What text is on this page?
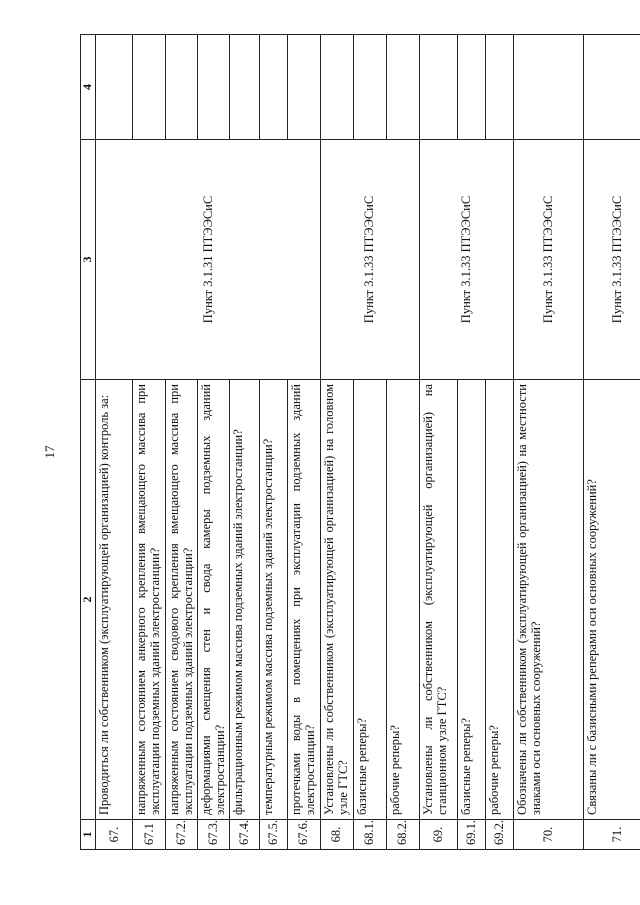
17
1	2	3	4
67.	Проводиться ли собственником (эксплуатирующей организацией) контроль за:	Пункт 3.1.31 ПТЭЭСиС	
67.1	напряженным состоянием анкерного крепления вмещающего массива при эксплуатации подземных зданий электростанции?		
67.2.	напряженным состоянием сводового крепления вмещающего массива при эксплуатации подземных зданий электростанции?		
67.3.	деформациями смещения стен и свода камеры подземных зданий электростанции?		
67.4.	фильтрационным режимом массива подземных зданий электростанции?		
67.5.	температурным режимом массива подземных зданий электростанции?		
67.6.	протечками воды в помещениях при эксплуатации подземных зданий электростанции?		
68.	Установлены ли собственником (эксплуатирующей организацией) на головном узле ГТС?	Пункт 3.1.33 ПТЭЭСиС	
68.1.	базисные реперы?		
68.2.	рабочие реперы?		
69.	Установлены ли собственником (эксплуатирующей организацией) на станционном узле ГТС?	Пункт 3.1.33 ПТЭЭСиС	
69.1.	базисные реперы?		
69.2.	рабочие реперы?		
70.	Обозначены ли собственником (эксплуатирующей организацией) на местности знаками оси основных сооружений?	Пункт 3.1.33 ПТЭЭСиС	
71.	Связаны ли с базисными реперами оси основных сооружений?	Пункт 3.1.33 ПТЭЭСиС	
